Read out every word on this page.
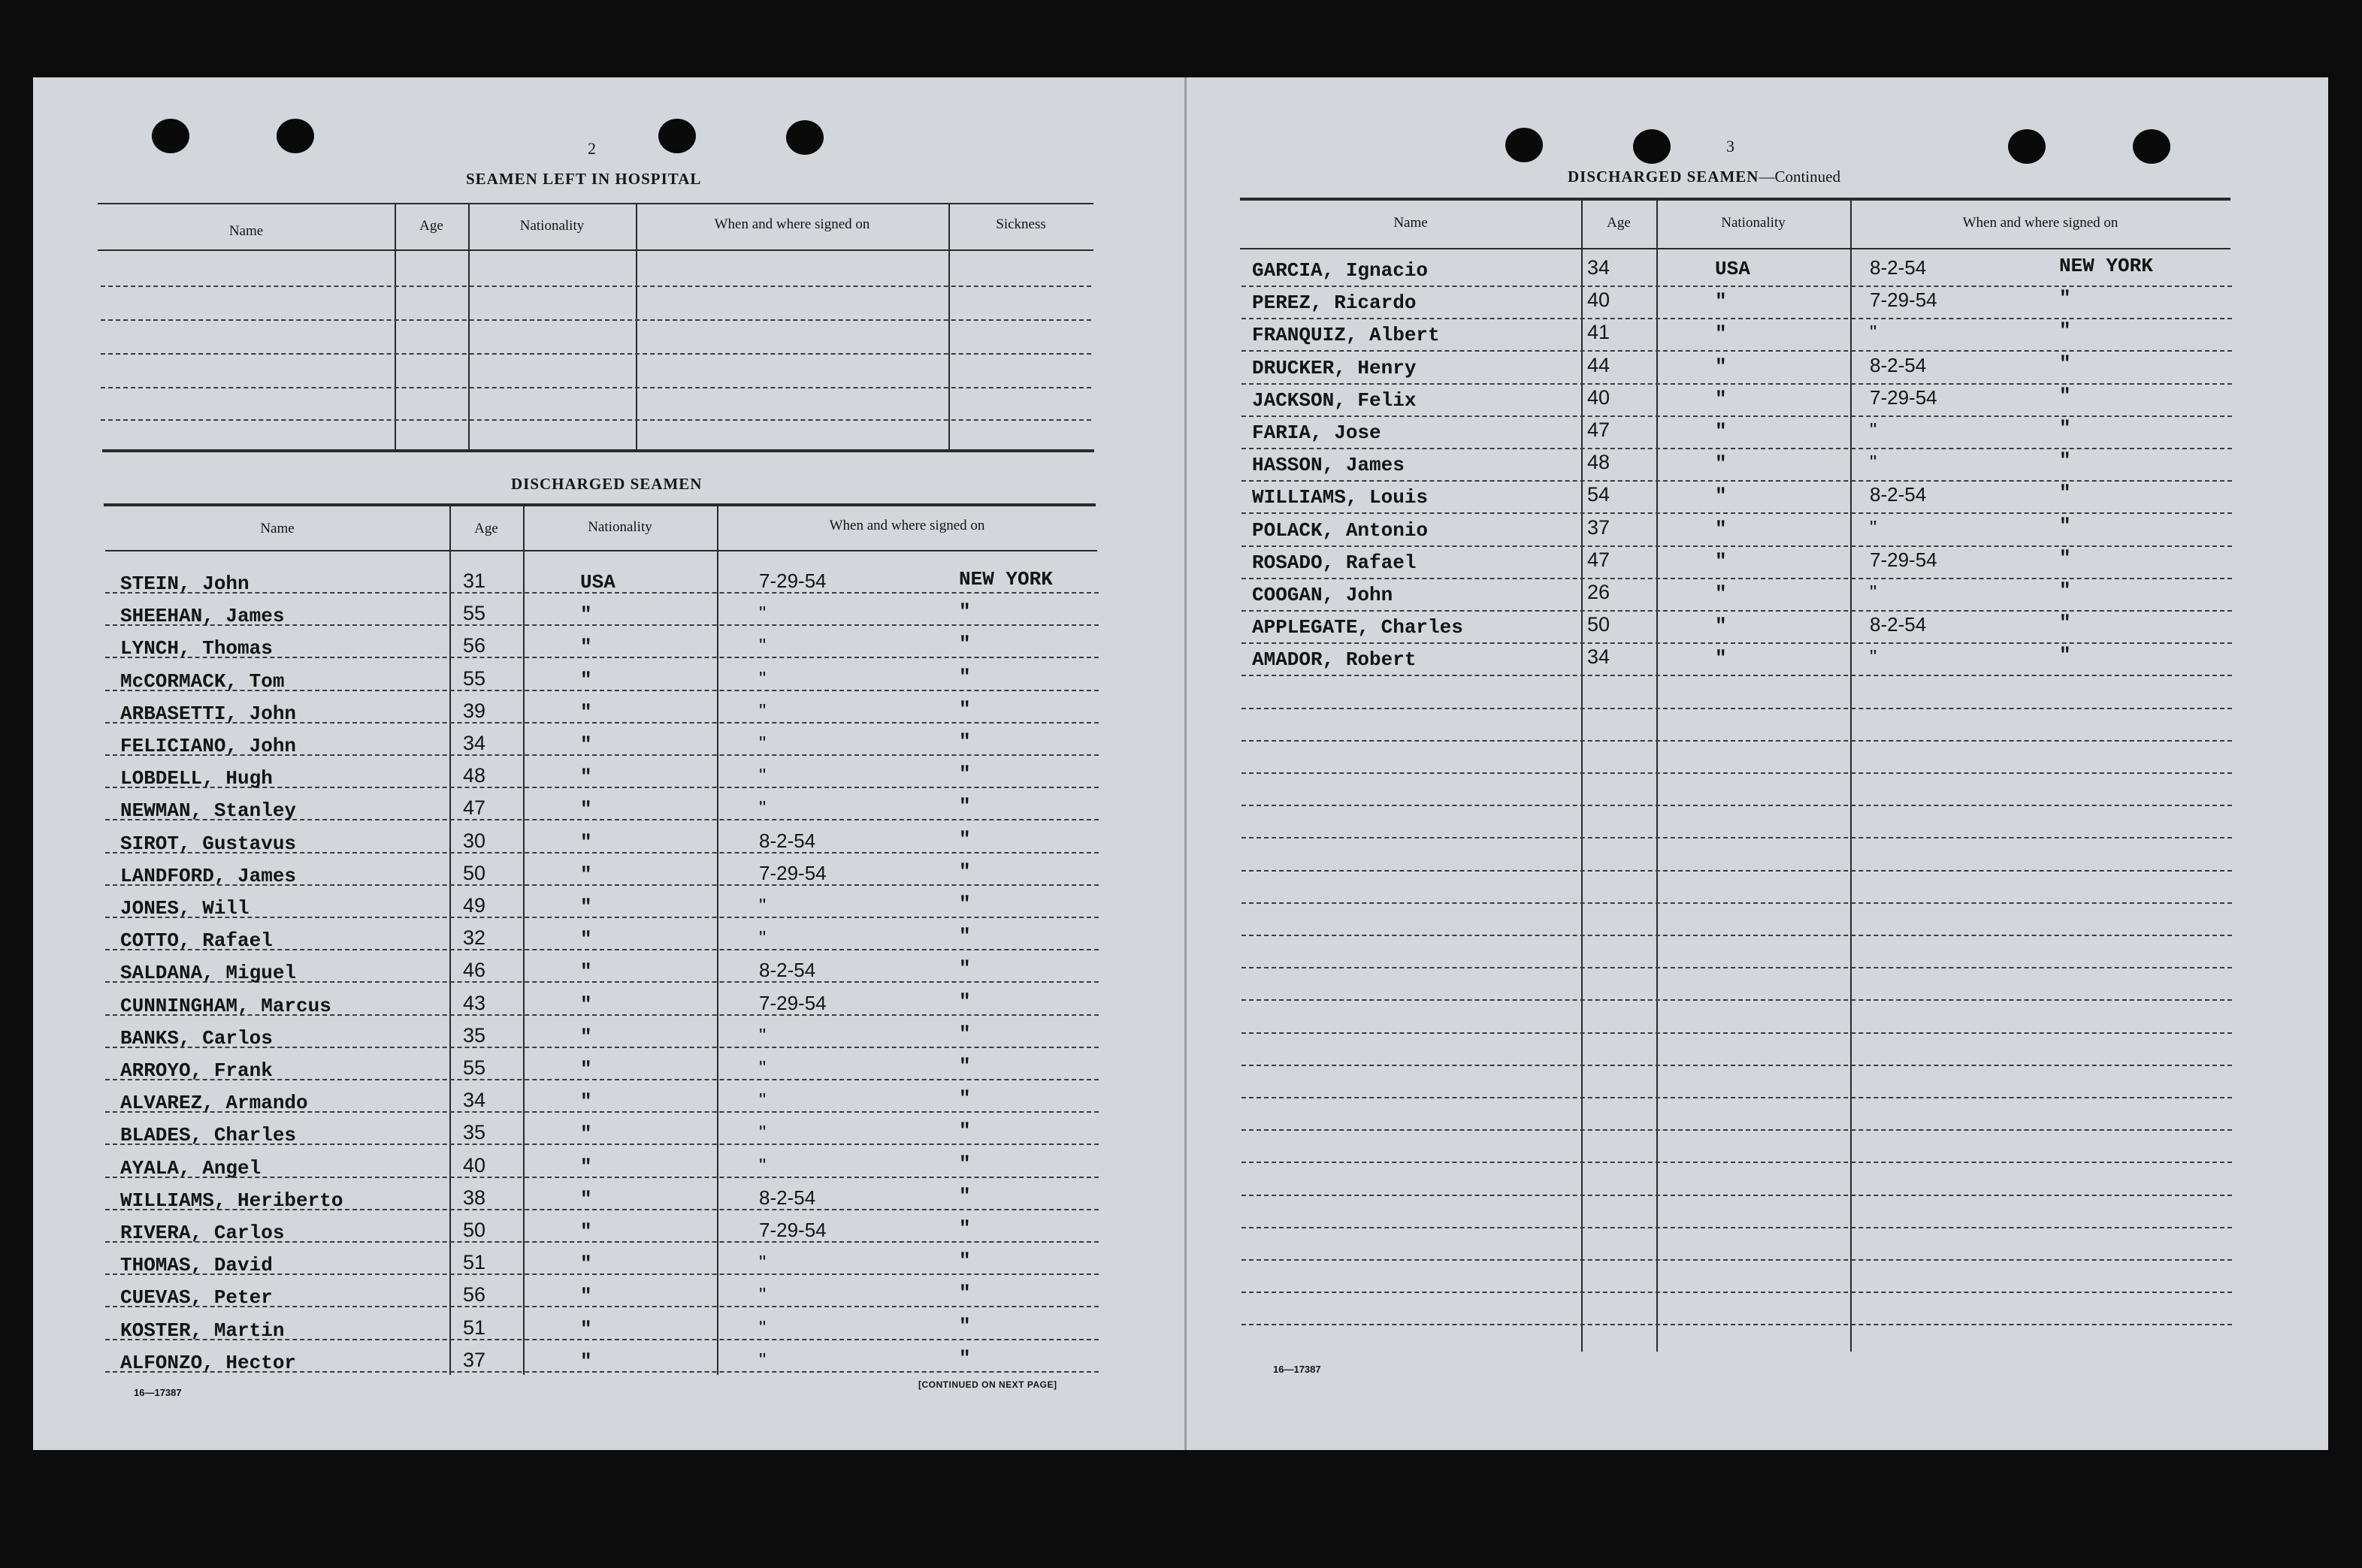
2
SEAMEN LEFT IN HOSPITAL
Name	Age	Nationality	When and where signed on	Sickness
DISCHARGED SEAMEN
Name	Age	Nationality	When and where signed on
STEIN, John	31	USA	7-29-54	NEW YORK
SHEEHAN, James	55	"	"	"
LYNCH, Thomas	56	"	"	"
McCORMACK, Tom	55	"	"	"
ARBASETTI, John	39	"	"	"
FELICIANO, John	34	"	"	"
LOBDELL, Hugh	48	"	"	"
NEWMAN, Stanley	47	"	"	"
SIROT, Gustavus	30	"	8-2-54	"
LANDFORD, James	50	"	7-29-54	"
JONES, Will	49	"	"	"
COTTO, Rafael	32	"	"	"
SALDANA, Miguel	46	"	8-2-54	"
CUNNINGHAM, Marcus	43	"	7-29-54	"
BANKS, Carlos	35	"	"	"
ARROYO, Frank	55	"	"	"
ALVAREZ, Armando	34	"	"	"
BLADES, Charles	35	"	"	"
AYALA, Angel	40	"	"	"
WILLIAMS, Heriberto	38	"	8-2-54	"
RIVERA, Carlos	50	"	7-29-54	"
THOMAS, David	51	"	"	"
CUEVAS, Peter	56	"	"	"
KOSTER, Martin	51	"	"	"
ALFONZO, Hector	37	"	"	"
16—17387
[CONTINUED ON NEXT PAGE]
3
DISCHARGED SEAMEN—Continued
Name	Age	Nationality	When and where signed on
GARCIA, Ignacio	34	USA	8-2-54	NEW YORK
PEREZ, Ricardo	40	"	7-29-54	"
FRANQUIZ, Albert	41	"	"	"
DRUCKER, Henry	44	"	8-2-54	"
JACKSON, Felix	40	"	7-29-54	"
FARIA, Jose	47	"	"	"
HASSON, James	48	"	"	"
WILLIAMS, Louis	54	"	8-2-54	"
POLACK, Antonio	37	"	"	"
ROSADO, Rafael	47	"	7-29-54	"
COOGAN, John	26	"	"	"
APPLEGATE, Charles	50	"	8-2-54	"
AMADOR, Robert	34	"	"	"
16—17387
